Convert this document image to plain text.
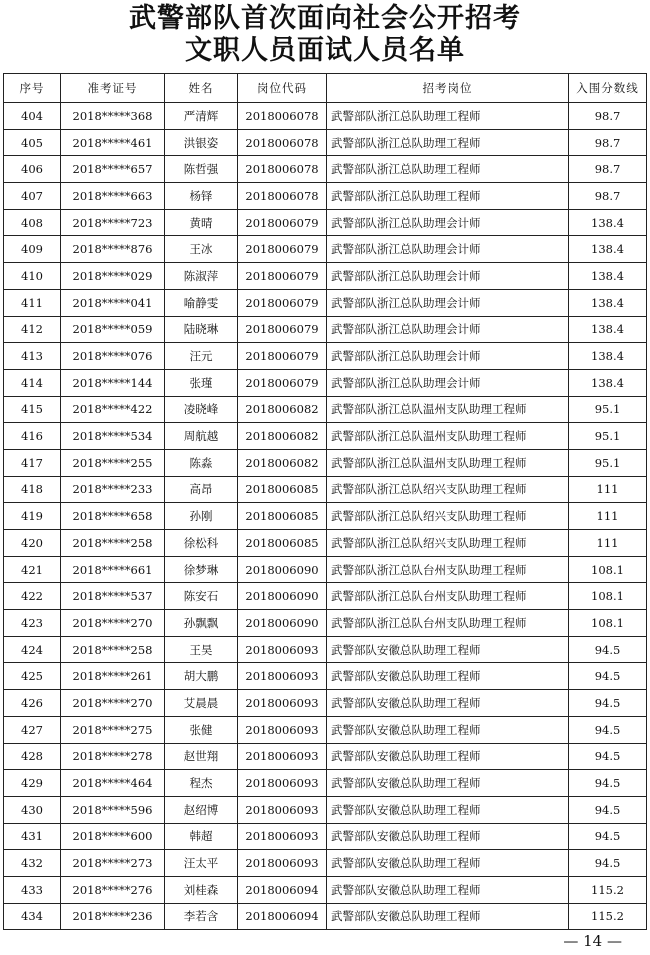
武警部队首次面向社会公开招考
文职人员面试人员名单
序号	准考证号	姓名	岗位代码	招考岗位	入围分数线
404	2018*****368	严清辉	2018006078	武警部队浙江总队助理工程师	98.7
405	2018*****461	洪银姿	2018006078	武警部队浙江总队助理工程师	98.7
406	2018*****657	陈哲强	2018006078	武警部队浙江总队助理工程师	98.7
407	2018*****663	杨铎	2018006078	武警部队浙江总队助理工程师	98.7
408	2018*****723	黄晴	2018006079	武警部队浙江总队助理会计师	138.4
409	2018*****876	王冰	2018006079	武警部队浙江总队助理会计师	138.4
410	2018*****029	陈淑萍	2018006079	武警部队浙江总队助理会计师	138.4
411	2018*****041	喻静雯	2018006079	武警部队浙江总队助理会计师	138.4
412	2018*****059	陆晓琳	2018006079	武警部队浙江总队助理会计师	138.4
413	2018*****076	汪元	2018006079	武警部队浙江总队助理会计师	138.4
414	2018*****144	张瑾	2018006079	武警部队浙江总队助理会计师	138.4
415	2018*****422	凌晓峰	2018006082	武警部队浙江总队温州支队助理工程师	95.1
416	2018*****534	周航越	2018006082	武警部队浙江总队温州支队助理工程师	95.1
417	2018*****255	陈淼	2018006082	武警部队浙江总队温州支队助理工程师	95.1
418	2018*****233	高昂	2018006085	武警部队浙江总队绍兴支队助理工程师	111
419	2018*****658	孙刚	2018006085	武警部队浙江总队绍兴支队助理工程师	111
420	2018*****258	徐松科	2018006085	武警部队浙江总队绍兴支队助理工程师	111
421	2018*****661	徐梦琳	2018006090	武警部队浙江总队台州支队助理工程师	108.1
422	2018*****537	陈安石	2018006090	武警部队浙江总队台州支队助理工程师	108.1
423	2018*****270	孙飘飘	2018006090	武警部队浙江总队台州支队助理工程师	108.1
424	2018*****258	王昊	2018006093	武警部队安徽总队助理工程师	94.5
425	2018*****261	胡大鹏	2018006093	武警部队安徽总队助理工程师	94.5
426	2018*****270	艾晨晨	2018006093	武警部队安徽总队助理工程师	94.5
427	2018*****275	张健	2018006093	武警部队安徽总队助理工程师	94.5
428	2018*****278	赵世翔	2018006093	武警部队安徽总队助理工程师	94.5
429	2018*****464	程杰	2018006093	武警部队安徽总队助理工程师	94.5
430	2018*****596	赵绍博	2018006093	武警部队安徽总队助理工程师	94.5
431	2018*****600	韩超	2018006093	武警部队安徽总队助理工程师	94.5
432	2018*****273	汪太平	2018006093	武警部队安徽总队助理工程师	94.5
433	2018*****276	刘桂森	2018006094	武警部队安徽总队助理工程师	115.2
434	2018*****236	李若含	2018006094	武警部队安徽总队助理工程师	115.2
— 14 —
